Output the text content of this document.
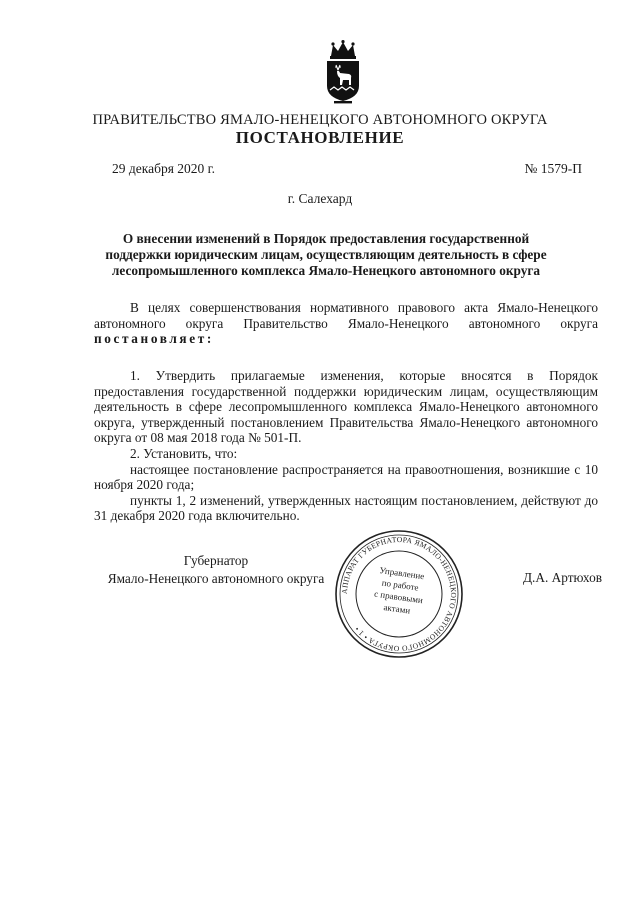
ПРАВИТЕЛЬСТВО ЯМАЛО-НЕНЕЦКОГО АВТОНОМНОГО ОКРУГА
ПОСТАНОВЛЕНИЕ
29 декабря 2020 г.	№ 1579-П
г. Салехард
О внесении изменений в Порядок предоставления государственной поддержки юридическим лицам, осуществляющим деятельность в сфере лесопромышленного комплекса Ямало-Ненецкого автономного округа

В целях совершенствования нормативного правового акта Ямало-Ненецкого автономного округа Правительство Ямало-Ненецкого автономного округа постановляет:

1. Утвердить прилагаемые изменения, которые вносятся в Порядок предоставления государственной поддержки юридическим лицам, осуществляющим деятельность в сфере лесопромышленного комплекса Ямало-Ненецкого автономного округа, утвержденный постановлением Правительства Ямало-Ненецкого автономного округа от 08 мая 2018 года № 501-П.

2. Установить, что:

настоящее постановление распространяется на правоотношения, возникшие с 10 ноября 2020 года;

пункты 1, 2 изменений, утвержденных настоящим постановлением, действуют до 31 декабря 2020 года включительно.

Губернатор
Ямало-Ненецкого автономного округа	Д.А. Артюхов
АППАРАТ ГУБЕРНАТОРА ЯМАЛО-НЕНЕЦКОГО АВТОНОМНОГО ОКРУГА • 1 •
Управление
по работе
с правовыми
актами
